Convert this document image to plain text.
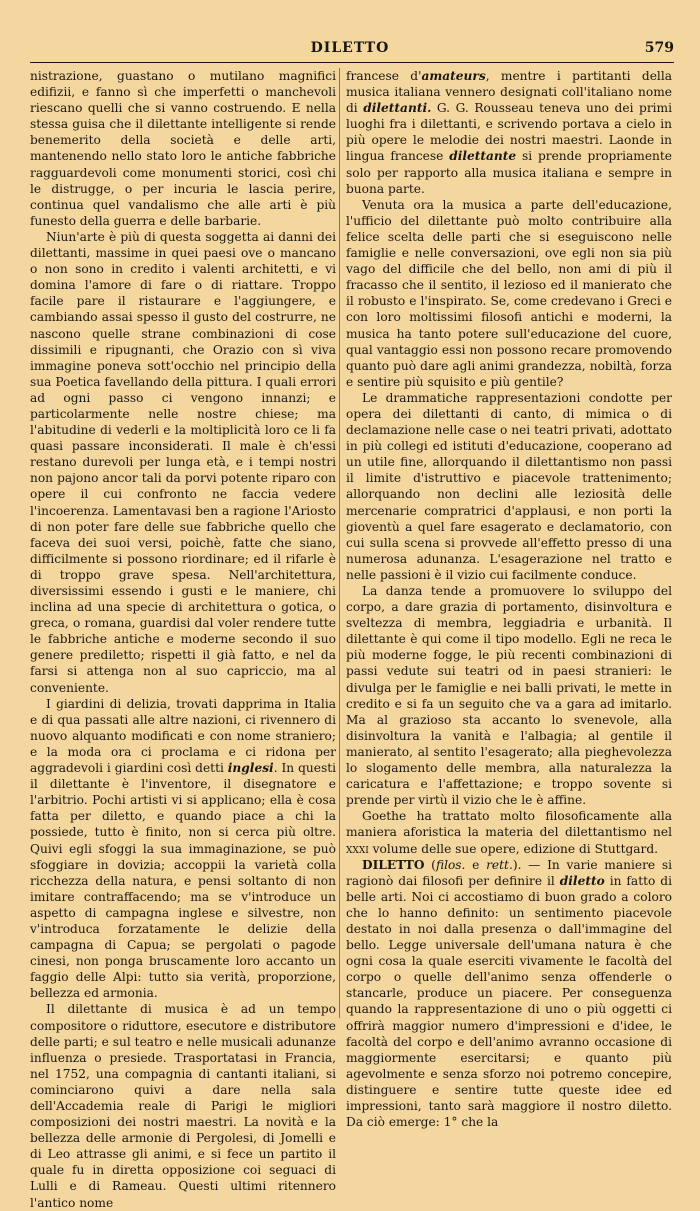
DILETTO	579

nistrazione, guastano o mutilano magnifici edifizii, e fanno sì che imperfetti o manchevoli riescano quelli che si vanno costruendo. E nella stessa guisa che il dilettante intelligente si rende benemerito della società e delle arti, mantenendo nello stato loro le antiche fabbriche ragguardevoli come monumenti storici, così chi le distrugge, o per incuria le lascia perire, continua quel vandalismo che alle arti è più funesto della guerra e delle barbarie.

Niun'arte è più di questa soggetta ai danni dei dilettanti, massime in quei paesi ove o mancano o non sono in credito i valenti architetti, e vi domina l'amore di fare o di riattare. Troppo facile pare il ristaurare e l'aggiungere, e cambiando assai spesso il gusto del costrurre, ne nascono quelle strane combinazioni di cose dissimili e ripugnanti, che Orazio con sì viva immagine poneva sott'occhio nel principio della sua Poetica favellando della pittura. I quali errori ad ogni passo ci vengono innanzi; e particolarmente nelle nostre chiese; ma l'abitudine di vederli e la moltiplicità loro ce li fa quasi passare inconsiderati. Il male è ch'essi restano durevoli per lunga età, e i tempi nostri non pajono ancor tali da porvi potente riparo con opere il cui confronto ne faccia vedere l'incoerenza. Lamentavasi ben a ragione l'Ariosto di non poter fare delle sue fabbriche quello che faceva dei suoi versi, poichè, fatte che siano, difficilmente si possono riordinare; ed il rifarle è di troppo grave spesa. Nell'architettura, diversissimi essendo i gusti e le maniere, chi inclina ad una specie di architettura o gotica, o greca, o romana, guardisi dal voler rendere tutte le fabbriche antiche e moderne secondo il suo genere prediletto; rispetti il già fatto, e nel da farsi si attenga non al suo capriccio, ma al conveniente.

I giardini di delizia, trovati dapprima in Italia e di qua passati alle altre nazioni, ci rivennero di nuovo alquanto modificati e con nome straniero; e la moda ora ci proclama e ci ridona per aggradevoli i giardini così detti inglesi. In questi il dilettante è l'inventore, il disegnatore e l'arbitrio. Pochi artisti vi si applicano; ella è cosa fatta per diletto, e quando piace a chi la possiede, tutto è finito, non si cerca più oltre. Quivi egli sfoggi la sua immaginazione, se può sfoggiare in dovizia; accoppii la varietà colla ricchezza della natura, e pensi soltanto di non imitare contraffacendo; ma se v'introduce un aspetto di campagna inglese e silvestre, non v'introduca forzatamente le delizie della campagna di Capua; se pergolati o pagode cinesi, non ponga bruscamente loro accanto un faggio delle Alpi: tutto sia verità, proporzione, bellezza ed armonia.

Il dilettante di musica è ad un tempo compositore o riduttore, esecutore e distributore delle parti; e sul teatro e nelle musicali adunanze influenza o presiede. Trasportatasi in Francia, nel 1752, una compagnia di cantanti italiani, si cominciarono quivi a dare nella sala dell'Accademia reale di Parigi le migliori composizioni dei nostri maestri. La novità e la bellezza delle armonie di Pergolesi, di Jomelli e di Leo attrasse gli animi, e si fece un partito il quale fu in diretta opposizione coi seguaci di Lulli e di Rameau. Questi ultimi ritennero l'antico nome

francese d'amateurs, mentre i partitanti della musica italiana vennero designati coll'italiano nome di dilettanti. G. G. Rousseau teneva uno dei primi luoghi fra i dilettanti, e scrivendo portava a cielo in più opere le melodie dei nostri maestri. Laonde in lingua francese dilettante si prende propriamente solo per rapporto alla musica italiana e sempre in buona parte.

Venuta ora la musica a parte dell'educazione, l'ufficio del dilettante può molto contribuire alla felice scelta delle parti che si eseguiscono nelle famiglie e nelle conversazioni, ove egli non sia più vago del difficile che del bello, non ami di più il fracasso che il sentito, il lezioso ed il manierato che il robusto e l'inspirato. Se, come credevano i Greci e con loro moltissimi filosofi antichi e moderni, la musica ha tanto potere sull'educazione del cuore, qual vantaggio essi non possono recare promovendo quanto può dare agli animi grandezza, nobiltà, forza e sentire più squisito e più gentile?

Le drammatiche rappresentazioni condotte per opera dei dilettanti di canto, di mimica o di declamazione nelle case o nei teatri privati, adottato in più collegi ed istituti d'educazione, cooperano ad un utile fine, allorquando il dilettantismo non passi il limite d'istruttivo e piacevole trattenimento; allorquando non declini alle leziosità delle mercenarie compratrici d'applausi, e non porti la gioventù a quel fare esagerato e declamatorio, con cui sulla scena si provvede all'effetto presso di una numerosa adunanza. L'esagerazione nel tratto e nelle passioni è il vizio cui facilmente conduce.

La danza tende a promuovere lo sviluppo del corpo, a dare grazia di portamento, disinvoltura e sveltezza di membra, leggiadria e urbanità. Il dilettante è qui come il tipo modello. Egli ne reca le più moderne fogge, le più recenti combinazioni di passi vedute sui teatri od in paesi stranieri: le divulga per le famiglie e nei balli privati, le mette in credito e si fa un seguito che va a gara ad imitarlo. Ma al grazioso sta accanto lo svenevole, alla disinvoltura la vanità e l'albagia; al gentile il manierato, al sentito l'esagerato; alla pieghevolezza lo slogamento delle membra, alla naturalezza la caricatura e l'affettazione; e troppo sovente si prende per virtù il vizio che le è affine.

Goethe ha trattato molto filosoficamente alla maniera aforistica la materia del dilettantismo nel xxxi volume delle sue opere, edizione di Stuttgard.

DILETTO (filos. e rett.). — In varie maniere si ragionò dai filosofi per definire il diletto in fatto di belle arti. Noi ci accostiamo di buon grado a coloro che lo hanno definito: un sentimento piacevole destato in noi dalla presenza o dall'immagine del bello. Legge universale dell'umana natura è che ogni cosa la quale eserciti vivamente le facoltà del corpo o quelle dell'animo senza offenderle o stancarle, produce un piacere. Per conseguenza quando la rappresentazione di uno o più oggetti ci offrirà maggior numero d'impressioni e d'idee, le facoltà del corpo e dell'animo avranno occasione di maggiormente esercitarsi; e quanto più agevolmente e senza sforzo noi potremo concepire, distinguere e sentire tutte queste idee ed impressioni, tanto sarà maggiore il nostro diletto. Da ciò emerge: 1° che la
